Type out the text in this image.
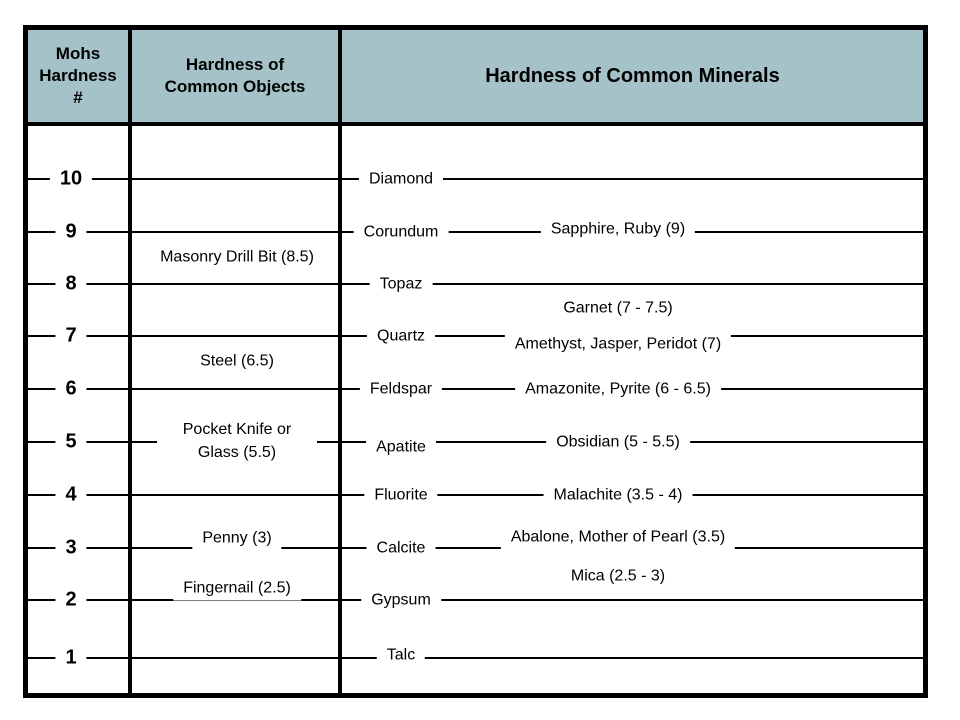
Mohs
Hardness
#
Hardness of
Common Objects	Hardness of Common Minerals
10
9
8
7
6
5
4
3
2
1
Masonry Drill Bit (8.5)
Steel (6.5)
Pocket Knife or
Glass (5.5)
Penny (3)
Fingernail (2.5)
Diamond
Corundum
Topaz
Quartz
Feldspar
Apatite
Fluorite
Calcite
Gypsum
Talc
Sapphire, Ruby (9)
Garnet (7 - 7.5)
Amethyst, Jasper, Peridot (7)
Amazonite, Pyrite (6 - 6.5)
Obsidian (5 - 5.5)
Malachite (3.5 - 4)
Abalone, Mother of Pearl (3.5)
Mica (2.5 - 3)
